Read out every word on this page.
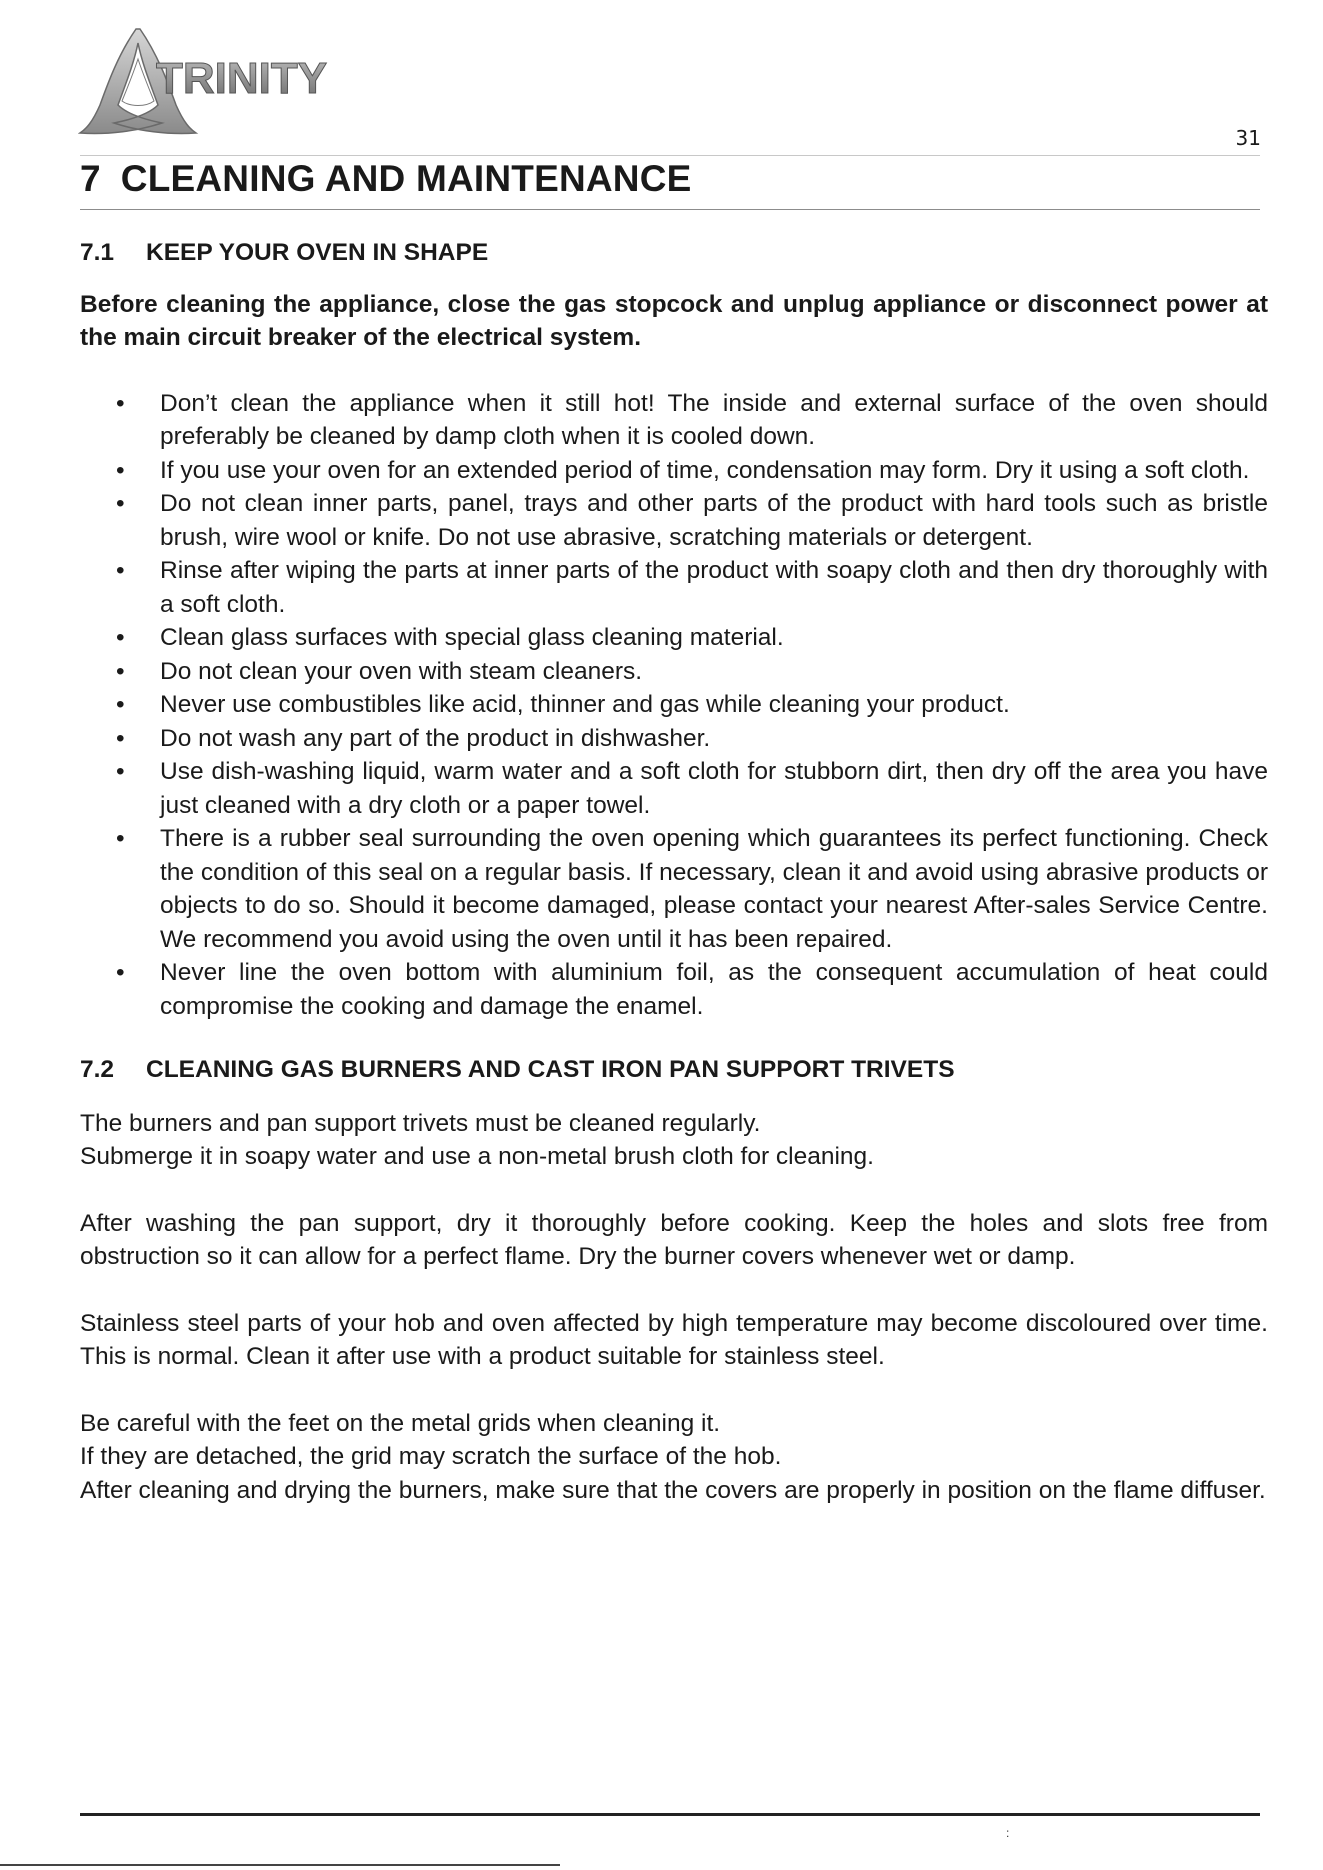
TRINITY
31
7 CLEANING AND MAINTENANCE
7.1 KEEP YOUR OVEN IN SHAPE

Before cleaning the appliance, close the gas stopcock and unplug appliance or disconnect power at the main circuit breaker of the electrical system.

• Don’t clean the appliance when it still hot! The inside and external surface of the oven should preferably be cleaned by damp cloth when it is cooled down.
• If you use your oven for an extended period of time, condensation may form. Dry it using a soft cloth.
• Do not clean inner parts, panel, trays and other parts of the product with hard tools such as bristle brush, wire wool or knife. Do not use abrasive, scratching materials or detergent.
• Rinse after wiping the parts at inner parts of the product with soapy cloth and then dry thoroughly with a soft cloth.
• Clean glass surfaces with special glass cleaning material.
• Do not clean your oven with steam cleaners.
• Never use combustibles like acid, thinner and gas while cleaning your product.
• Do not wash any part of the product in dishwasher.
• Use dish-washing liquid, warm water and a soft cloth for stubborn dirt, then dry off the area you have just cleaned with a dry cloth or a paper towel.
• There is a rubber seal surrounding the oven opening which guarantees its perfect functioning. Check the condition of this seal on a regular basis. If necessary, clean it and avoid using abrasive products or objects to do so. Should it become damaged, please contact your nearest After-sales Service Centre. We recommend you avoid using the oven until it has been repaired.
• Never line the oven bottom with aluminium foil, as the consequent accumulation of heat could compromise the cooking and damage the enamel.
7.2 CLEANING GAS BURNERS AND CAST IRON PAN SUPPORT TRIVETS

The burners and pan support trivets must be cleaned regularly.

Submerge it in soapy water and use a non-metal brush cloth for cleaning.

After washing the pan support, dry it thoroughly before cooking. Keep the holes and slots free from obstruction so it can allow for a perfect flame. Dry the burner covers whenever wet or damp.

Stainless steel parts of your hob and oven affected by high temperature may become discoloured over time. This is normal. Clean it after use with a product suitable for stainless steel.

Be careful with the feet on the metal grids when cleaning it.

If they are detached, the grid may scratch the surface of the hob.

After cleaning and drying the burners, make sure that the covers are properly in position on the flame diffuser.

:
